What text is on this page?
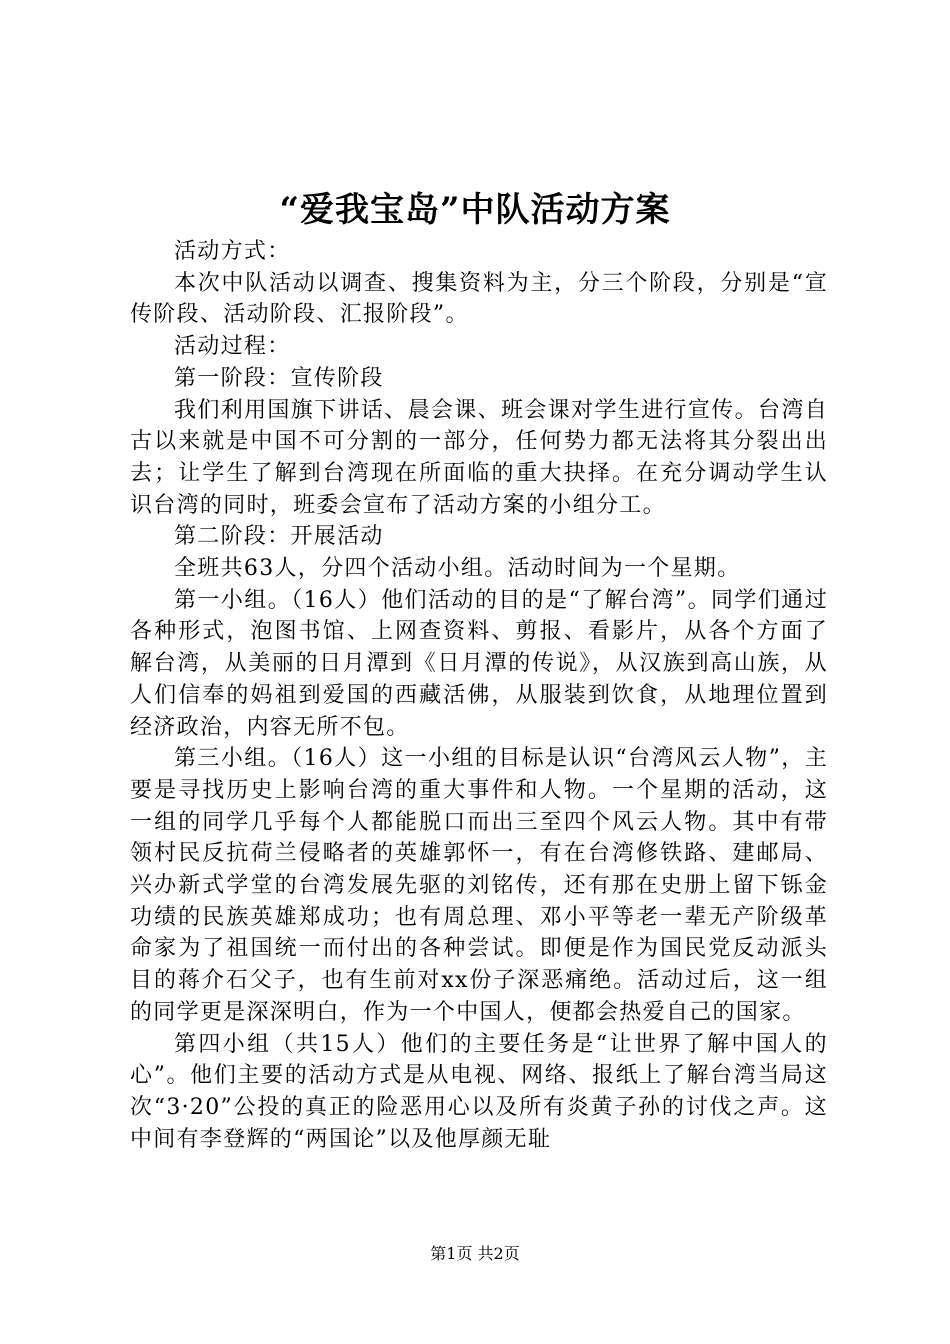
“爱我宝岛”中队活动方案

活动方式：

本次中队活动以调查、搜集资料为主，分三个阶段，分别是“宣传阶段、活动阶段、汇报阶段”。

活动过程：

第一阶段：宣传阶段

我们利用国旗下讲话、晨会课、班会课对学生进行宣传。台湾自古以来就是中国不可分割的一部分，任何势力都无法将其分裂出出去；让学生了解到台湾现在所面临的重大抉择。在充分调动学生认识台湾的同时，班委会宣布了活动方案的小组分工。

第二阶段：开展活动

全班共63人，分四个活动小组。活动时间为一个星期。

第一小组。（16人）他们活动的目的是“了解台湾”。同学们通过各种形式，泡图书馆、上网查资料、剪报、看影片，从各个方面了解台湾，从美丽的日月潭到《日月潭的传说》，从汉族到高山族，从人们信奉的妈祖到爱国的西藏活佛，从服装到饮食，从地理位置到经济政治，内容无所不包。

第三小组。（16人）这一小组的目标是认识“台湾风云人物”，主要是寻找历史上影响台湾的重大事件和人物。一个星期的活动，这一组的同学几乎每个人都能脱口而出三至四个风云人物。其中有带领村民反抗荷兰侵略者的英雄郭怀一，有在台湾修铁路、建邮局、兴办新式学堂的台湾发展先驱的刘铭传，还有那在史册上留下铄金功绩的民族英雄郑成功；也有周总理、邓小平等老一辈无产阶级革命家为了祖国统一而付出的各种尝试。即便是作为国民党反动派头目的蒋介石父子，也有生前对xx份子深恶痛绝。活动过后，这一组的同学更是深深明白，作为一个中国人，便都会热爱自己的国家。

第四小组（共15人）他们的主要任务是“让世界了解中国人的心”。他们主要的活动方式是从电视、网络、报纸上了解台湾当局这次“3·20”公投的真正的险恶用心以及所有炎黄子孙的讨伐之声。这中间有李登辉的“两国论”以及他厚颜无耻

第1页 共2页
